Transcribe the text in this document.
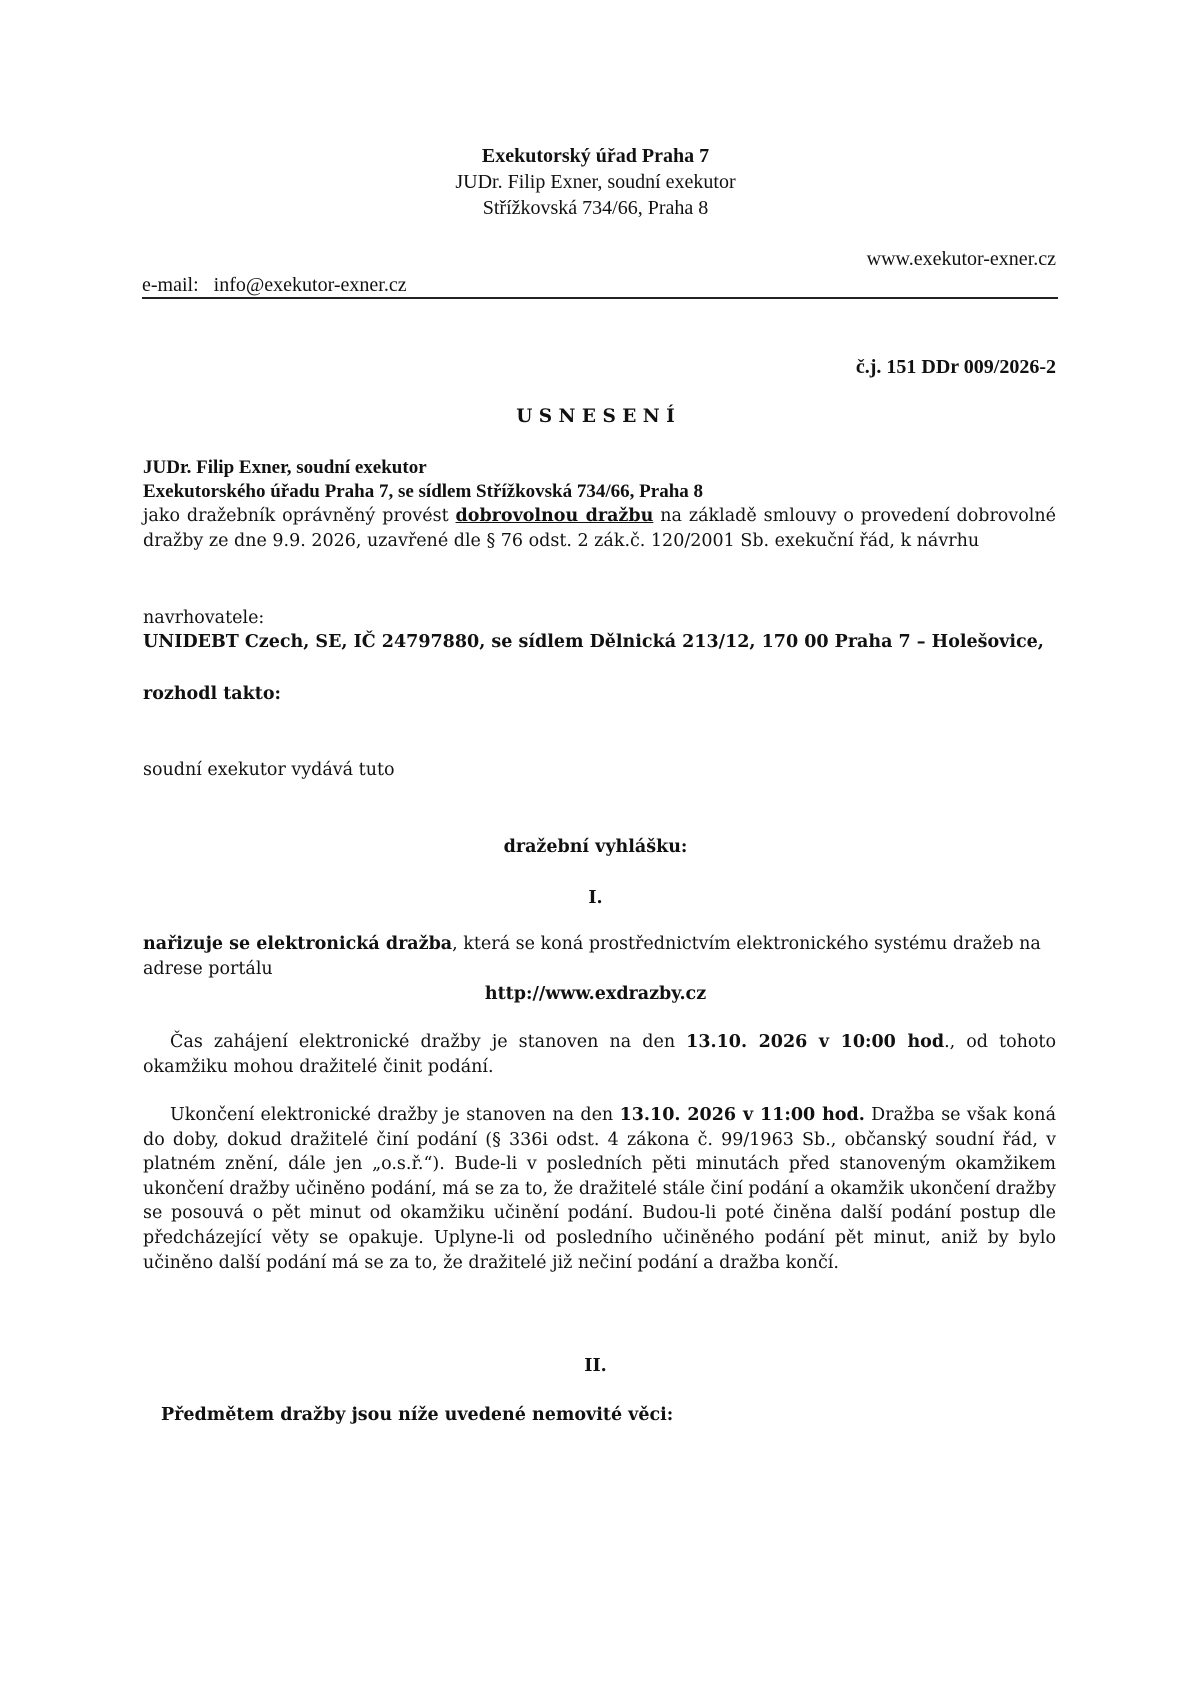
Exekutorský úřad Praha 7
JUDr. Filip Exner, soudní exekutor
Střížkovská 734/66, Praha 8
www.exekutor-exner.cz
e-mail: info@exekutor-exner.cz
č.j. 151 DDr 009/2026-2
U S N E S E N Í
JUDr. Filip Exner, soudní exekutor
Exekutorského úřadu Praha 7, se sídlem Střížkovská 734/66, Praha 8
jako dražebník oprávněný provést dobrovolnou dražbu na základě smlouvy o provedení dobrovolné dražby ze dne 9.9. 2026, uzavřené dle § 76 odst. 2 zák.č. 120/2001 Sb. exekuční řád, k návrhu
navrhovatele:
UNIDEBT Czech, SE, IČ 24797880, se sídlem Dělnická 213/12, 170 00 Praha 7 – Holešovice,
rozhodl takto:
soudní exekutor vydává tuto
dražební vyhlášku:
I.
nařizuje se elektronická dražba, která se koná prostřednictvím elektronického systému dražeb na adrese portálu
http://www.exdrazby.cz
Čas zahájení elektronické dražby je stanoven na den 13.10. 2026 v 10:00 hod., od tohoto okamžiku mohou dražitelé činit podání.
Ukončení elektronické dražby je stanoven na den 13.10. 2026 v 11:00 hod. Dražba se však koná do doby, dokud dražitelé činí podání (§ 336i odst. 4 zákona č. 99/1963 Sb., občanský soudní řád, v platném znění, dále jen „o.s.ř.“). Bude-li v posledních pěti minutách před stanoveným okamžikem ukončení dražby učiněno podání, má se za to, že dražitelé stále činí podání a okamžik ukončení dražby se posouvá o pět minut od okamžiku učinění podání. Budou-li poté činěna další podání postup dle předcházející věty se opakuje. Uplyne-li od posledního učiněného podání pět minut, aniž by bylo učiněno další podání má se za to, že dražitelé již nečiní podání a dražba končí.
II.
Předmětem dražby jsou níže uvedené nemovité věci:
